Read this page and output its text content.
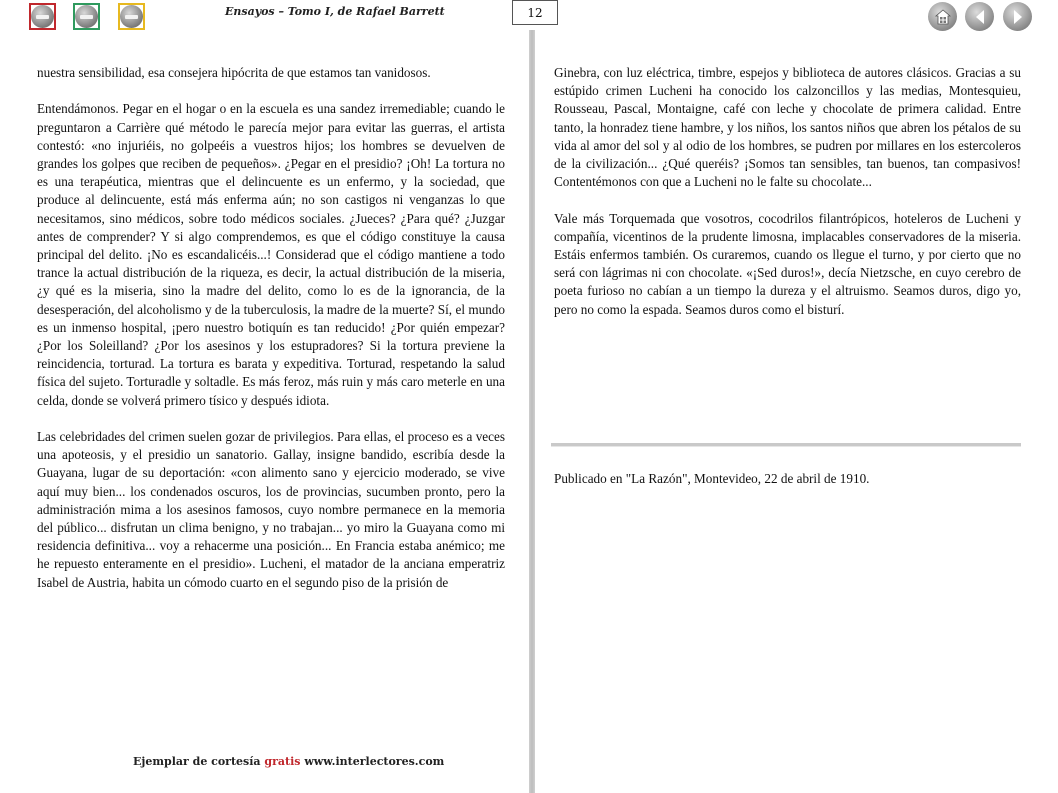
Ensayos – Tomo I, de Rafael Barrett	12

nuestra sensibilidad, esa consejera hipócrita de que estamos tan vanidosos.

Entendámonos. Pegar en el hogar o en la escuela es una sandez irremediable; cuando le preguntaron a Carrière qué método le parecía mejor para evitar las guerras, el artista contestó: «no injuriéis, no golpeéis a vuestros hijos; los hombres se devuelven de grandes los golpes que reciben de pequeños». ¿Pegar en el presidio? ¡Oh! La tortura no es una terapéutica, mientras que el delincuente es un enfermo, y la sociedad, que produce al delincuente, está más enferma aún; no son castigos ni venganzas lo que necesitamos, sino médicos, sobre todo médicos sociales. ¿Jueces? ¿Para qué? ¿Juzgar antes de comprender? Y si algo comprendemos, es que el código constituye la causa principal del delito. ¡No es escandalicéis...! Considerad que el código mantiene a todo trance la actual distribución de la riqueza, es decir, la actual distribución de la miseria, ¿y qué es la miseria, sino la madre del delito, como lo es de la ignorancia, de la desesperación, del alcoholismo y de la tuberculosis, la madre de la muerte? Sí, el mundo es un inmenso hospital, ¡pero nuestro botiquín es tan reducido! ¿Por quién empezar? ¿Por los Soleilland? ¿Por los asesinos y los estupradores? Si la tortura previene la reincidencia, torturad. La tortura es barata y expeditiva. Torturad, respetando la salud física del sujeto. Torturadle y soltadle. Es más feroz, más ruin y más caro meterle en una celda, donde se volverá primero tísico y después idiota.

Las celebridades del crimen suelen gozar de privilegios. Para ellas, el proceso es a veces una apoteosis, y el presidio un sanatorio. Gallay, insigne bandido, escribía desde la Guayana, lugar de su deportación: «con alimento sano y ejercicio moderado, se vive aquí muy bien... los condenados oscuros, los de provincias, sucumben pronto, pero la administración mima a los asesinos famosos, cuyo nombre permanece en la memoria del público... disfrutan un clima benigno, y no trabajan... yo miro la Guayana como mi residencia definitiva... voy a rehacerme una posición... En Francia estaba anémico; me he repuesto enteramente en el presidio». Lucheni, el matador de la anciana emperatriz Isabel de Austria, habita un cómodo cuarto en el segundo piso de la prisión de

Ginebra, con luz eléctrica, timbre, espejos y biblioteca de autores clásicos. Gracias a su estúpido crimen Lucheni ha conocido los calzoncillos y las medias, Montesquieu, Rousseau, Pascal, Montaigne, café con leche y chocolate de primera calidad. Entre tanto, la honradez tiene hambre, y los niños, los santos niños que abren los pétalos de su vida al amor del sol y al odio de los hombres, se pudren por millares en los estercoleros de la civilización... ¿Qué queréis? ¡Somos tan sensibles, tan buenos, tan compasivos! Contentémonos con que a Lucheni no le falte su chocolate...

Vale más Torquemada que vosotros, cocodrilos filantrópicos, hoteleros de Lucheni y compañía, vicentinos de la prudente limosna, implacables conservadores de la miseria. Estáis enfermos también. Os curaremos, cuando os llegue el turno, y por cierto que no será con lágrimas ni con chocolate. «¡Sed duros!», decía Nietzsche, en cuyo cerebro de poeta furioso no cabían a un tiempo la dureza y el altruismo. Seamos duros, digo yo, pero no como la espada. Seamos duros como el bisturí.

Publicado en "La Razón", Montevideo, 22 de abril de 1910.
Ejemplar de cortesía gratis www.interlectores.com
